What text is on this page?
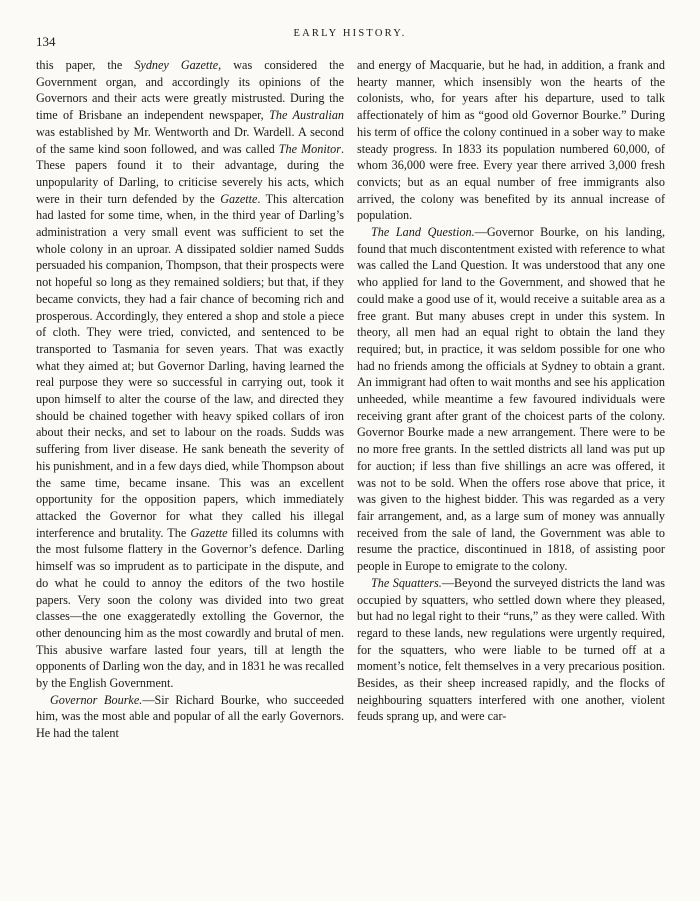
134
EARLY HISTORY.

this paper, the Sydney Gazette, was considered the Government organ, and accordingly its opinions of the Governors and their acts were greatly mistrusted. During the time of Brisbane an independent newspaper, The Australian was established by Mr. Wentworth and Dr. Wardell. A second of the same kind soon followed, and was called The Monitor. These papers found it to their advantage, during the unpopularity of Darling, to criticise severely his acts, which were in their turn defended by the Gazette. This altercation had lasted for some time, when, in the third year of Darling’s administration a very small event was sufficient to set the whole colony in an uproar. A dissipated soldier named Sudds persuaded his companion, Thompson, that their prospects were not hopeful so long as they remained soldiers; but that, if they became convicts, they had a fair chance of becoming rich and prosperous. Accordingly, they entered a shop and stole a piece of cloth. They were tried, convicted, and sentenced to be transported to Tasmania for seven years. That was exactly what they aimed at; but Governor Darling, having learned the real purpose they were so successful in carrying out, took it upon himself to alter the course of the law, and directed they should be chained together with heavy spiked collars of iron about their necks, and set to labour on the roads. Sudds was suffering from liver disease. He sank beneath the severity of his punishment, and in a few days died, while Thompson about the same time, became insane. This was an excellent opportunity for the opposition papers, which immediately attacked the Governor for what they called his illegal interference and brutality. The Gazette filled its columns with the most fulsome flattery in the Governor’s defence. Darling himself was so imprudent as to participate in the dispute, and do what he could to annoy the editors of the two hostile papers. Very soon the colony was divided into two great classes—the one exaggeratedly extolling the Governor, the other denouncing him as the most cowardly and brutal of men. This abusive warfare lasted four years, till at length the opponents of Darling won the day, and in 1831 he was recalled by the English Government.

Governor Bourke.—Sir Richard Bourke, who succeeded him, was the most able and popular of all the early Governors. He had the talent

and energy of Macquarie, but he had, in addition, a frank and hearty manner, which insensibly won the hearts of the colonists, who, for years after his departure, used to talk affectionately of him as “good old Governor Bourke.” During his term of office the colony continued in a sober way to make steady progress. In 1833 its population numbered 60,000, of whom 36,000 were free. Every year there arrived 3,000 fresh convicts; but as an equal number of free immigrants also arrived, the colony was benefited by its annual increase of population.

The Land Question.—Governor Bourke, on his landing, found that much discontentment existed with reference to what was called the Land Question. It was understood that any one who applied for land to the Government, and showed that he could make a good use of it, would receive a suitable area as a free grant. But many abuses crept in under this system. In theory, all men had an equal right to obtain the land they required; but, in practice, it was seldom possible for one who had no friends among the officials at Sydney to obtain a grant. An immigrant had often to wait months and see his application unheeded, while meantime a few favoured individuals were receiving grant after grant of the choicest parts of the colony. Governor Bourke made a new arrangement. There were to be no more free grants. In the settled districts all land was put up for auction; if less than five shillings an acre was offered, it was not to be sold. When the offers rose above that price, it was given to the highest bidder. This was regarded as a very fair arrangement, and, as a large sum of money was annually received from the sale of land, the Government was able to resume the practice, discontinued in 1818, of assisting poor people in Europe to emigrate to the colony.

The Squatters.—Beyond the surveyed districts the land was occupied by squatters, who settled down where they pleased, but had no legal right to their “runs,” as they were called. With regard to these lands, new regulations were urgently required, for the squatters, who were liable to be turned off at a moment’s notice, felt themselves in a very precarious position. Besides, as their sheep increased rapidly, and the flocks of neighbouring squatters interfered with one another, violent feuds sprang up, and were car-
